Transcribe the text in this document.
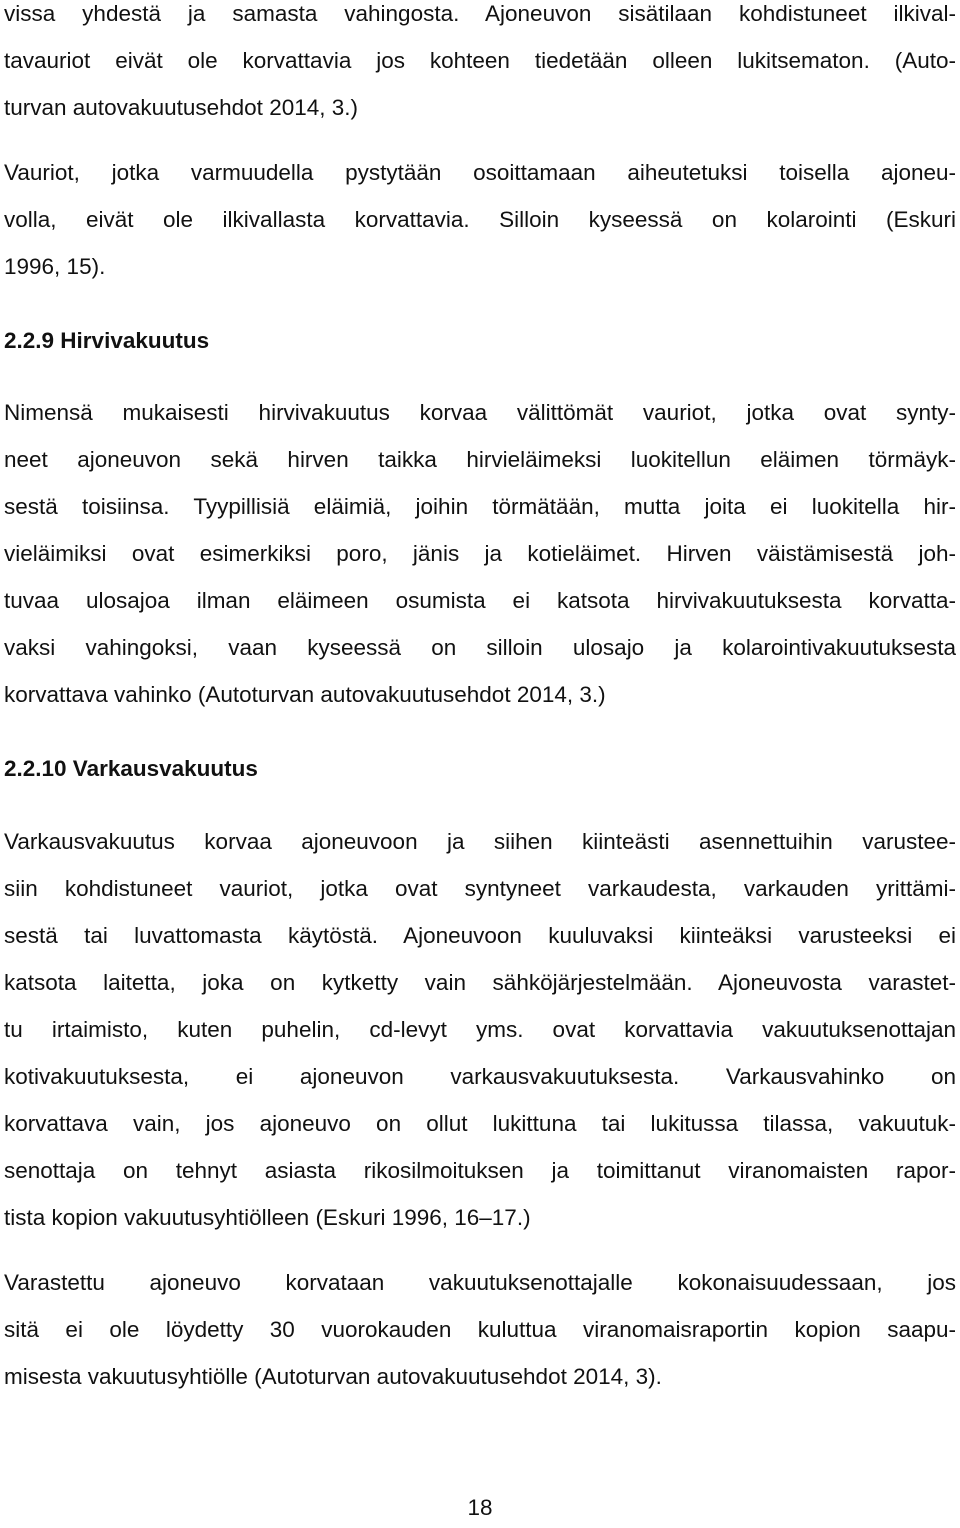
vissa yhdestä ja samasta vahingosta. Ajoneuvon sisätilaan kohdistuneet ilkival-
tavauriot eivät ole korvattavia jos kohteen tiedetään olleen lukitsematon. (Auto-
turvan autovakuutusehdot 2014, 3.)
Vauriot, jotka varmuudella pystytään osoittamaan aiheutetuksi toisella ajoneu-
volla, eivät ole ilkivallasta korvattavia. Silloin kyseessä on kolarointi (Eskuri
1996, 15).
2.2.9 Hirvivakuutus
Nimensä mukaisesti hirvivakuutus korvaa välittömät vauriot, jotka ovat synty-
neet ajoneuvon sekä hirven taikka hirvieläimeksi luokitellun eläimen törmäyk-
sestä toisiinsa. Tyypillisiä eläimiä, joihin törmätään, mutta joita ei luokitella hir-
vieläimiksi ovat esimerkiksi poro, jänis ja kotieläimet. Hirven väistämisestä joh-
tuvaa ulosajoa ilman eläimeen osumista ei katsota hirvivakuutuksesta korvatta-
vaksi vahingoksi, vaan kyseessä on silloin ulosajo ja kolarointivakuutuksesta
korvattava vahinko (Autoturvan autovakuutusehdot 2014, 3.)
2.2.10 Varkausvakuutus
Varkausvakuutus korvaa ajoneuvoon ja siihen kiinteästi asennettuihin varustee-
siin kohdistuneet vauriot, jotka ovat syntyneet varkaudesta, varkauden yrittämi-
sestä tai luvattomasta käytöstä. Ajoneuvoon kuuluvaksi kiinteäksi varusteeksi ei
katsota laitetta, joka on kytketty vain sähköjärjestelmään. Ajoneuvosta varastet-
tu irtaimisto, kuten puhelin, cd-levyt yms. ovat korvattavia vakuutuksenottajan
kotivakuutuksesta, ei ajoneuvon varkausvakuutuksesta. Varkausvahinko on
korvattava vain, jos ajoneuvo on ollut lukittuna tai lukitussa tilassa, vakuutuk-
senottaja on tehnyt asiasta rikosilmoituksen ja toimittanut viranomaisten rapor-
tista kopion vakuutusyhtiölleen (Eskuri 1996, 16–17.)
Varastettu ajoneuvo korvataan vakuutuksenottajalle kokonaisuudessaan, jos
sitä ei ole löydetty 30 vuorokauden kuluttua viranomaisraportin kopion saapu-
misesta vakuutusyhtiölle (Autoturvan autovakuutusehdot 2014, 3).
18
